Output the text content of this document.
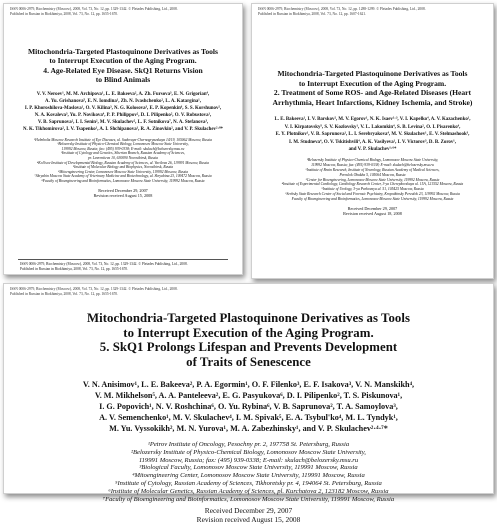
ISSN 0006-2979, Biochemistry (Moscow), 2008, Vol. 73, No. 12, pp. 1329-1342. © Pleiades Publishing, Ltd., 2008.
Published in Russian in Biokhimiya, 2008, Vol. 73, No. 12, pp. 1655-1670.
Mitochondria-Targeted Plastoquinone Derivatives as Tools
to Interrupt Execution of the Aging Program.
4. Age-Related Eye Disease. SkQ1 Returns Vision
to Blind Animals
V. V. Neroev¹, M. M. Archipova¹, L. E. Bakeeva², A. Zh. Fursova³, E. N. Grigorian⁴,
A. Yu. Grishanova⁵, E. N. Iomdina¹, Zh. N. Ivashchenko², L. A. Katargina¹,
I. P. Khoroshilova-Maslova¹, O. V. Kilina³, N. G. Kolosova³, E. P. Kopenkin⁶, S. S. Korshunov²,
N. A. Kovaleva³, Yu. P. Novikova⁴, P. P. Philippov², D. I. Pilipenko², O. V. Robustova¹,
V. B. Saprunova², I. I. Senin², M. V. Skulachev², L. F. Sotnikova⁷, N. A. Stefanova³,
N. K. Tikhomirova², I. V. Tsapenko¹, A. I. Shchipanova¹, R. A. Zinovkin², and V. P. Skulachev²·⁸*
¹Helmholtz Moscow Research Institute of Eye Diseases, ul. Sadovaya-Chernogryazskaya 14/19, 105062 Moscow, Russia
²Belozersky Institute of Physico-Chemical Biology, Lomonosov Moscow State University,
119992 Moscow, Russia; fax: (495) 939-0338; E-mail: skulach@belozersky.msu.ru
³Institute of Cytology and Genetics, Siberian Branch, Russian Academy of Sciences,
pr. Lavrentieva 10, 630090 Novosibirsk, Russia
⁴Kol'tsov Institute of Developmental Biology, Russian Academy of Sciences, ul. Vavilova 26, 119991 Moscow, Russia
⁵Institute of Molecular Biology and Biophysics, Novosibirsk, Russia
⁶Mitoengineering Center, Lomonosov Moscow State University, 119992 Moscow, Russia
⁷Skryabin Moscow State Academy of Veterinary Medicine and Biotechnology, ul. Skryabina 23, 109472 Moscow, Russia
⁸Faculty of Bioengineering and Bioinformatics, Lomonosov Moscow State University, 119992 Moscow, Russia
Received December 29, 2007
Revision received August 15, 2008
ISSN 0006-2979, Biochemistry (Moscow), 2008, Vol. 73, No. 12, pp. 1329-1342. © Pleiades Publishing, Ltd., 2008.
Published in Russian in Biokhimiya, 2008, Vol. 73, No. 12, pp. 1655-1670.
ISSN 0006-2979, Biochemistry (Moscow), 2008, Vol. 73, No. 12, pp. 1288-1299. © Pleiades Publishing, Ltd., 2008.
Published in Russian in Biokhimiya, 2008, Vol. 73, No. 12, pp. 1607-1621.
Mitochondria-Targeted Plastoquinone Derivatives as Tools
to Interrupt Execution of the Aging Program.
2. Treatment of Some ROS- and Age-Related Diseases (Heart
Arrhythmia, Heart Infarctions, Kidney Ischemia, and Stroke)
L. E. Bakeeva¹, I. V. Barskov², M. V. Egorov¹, N. K. Isaev¹·³, V. I. Kapelko⁴, A. V. Kazachenko¹,
V. I. Kirpatovsky⁵, S. V. Kozlovsky¹, V. L. Lakomkin⁴, S. B. Levina², O. I. Pisarenko⁴,
E. Y. Plotnikov¹, V. B. Saprunova¹, L. I. Serebryakova⁴, M. V. Skulachev¹, E. V. Stelmashook³,
I. M. Studneva⁴, O. V. Tskitishvili⁴, A. K. Vasilyeva¹, I. V. Victorov³, D. B. Zorov¹,
and V. P. Skulachev¹·⁶*
¹Belozersky Institute of Physico-Chemical Biology, Lomonosov Moscow State University,
119992 Moscow, Russia; fax: (495) 939-0338; E-mail: skulach@belozersky.msu.ru
²Institute of Brain Research, Institute of Neurology, Russian Academy of Medical Sciences,
Pereulok Obukha 5, 105064 Moscow, Russia
³Center for Bioengineering, Lomonosov Moscow State University, 119992 Moscow, Russia
⁴Institute of Experimental Cardiology, Cardiology Research Center, 3-ya Cherepkovskaya ul. 15A, 121552 Moscow, Russia
⁵Institute of Urology, 3-ya Parkovaya ul. 51, 105425 Moscow, Russia
⁶Serbsky State Research Center of Social and Forensic Psychiatry, Kropotkinsky Pereulok 23, 119992 Moscow, Russia
Faculty of Bioengineering and Bioinformatics, Lomonosov Moscow State University, 119992 Moscow, Russia
Received December 29, 2007
Revision received August 18, 2008
ISSN 0006-2979, Biochemistry (Moscow), 2008, Vol. 73, No. 12, pp. 1329-1342. © Pleiades Publishing, Ltd., 2008.
Published in Russian in Biokhimiya, 2008, Vol. 73, No. 12, pp. 1655-1670.
Mitochondria-Targeted Plastoquinone Derivatives as Tools
to Interrupt Execution of the Aging Program.
5. SkQ1 Prolongs Lifespan and Prevents Development
of Traits of Senescence
V. N. Anisimov¹, L. E. Bakeeva², P. A. Egormin¹, O. F. Filenko³, E. F. Isakova³, V. N. Manskikh⁴,
V. M. Mikhelson⁵, A. A. Panteleeva², E. G. Pasyukova⁶, D. I. Pilipenko², T. S. Piskunova¹,
I. G. Popovich¹, N. V. Roshchina⁶, O. Yu. Rybina⁶, V. B. Saprunova², T. A. Samoylova³,
A. V. Semenchenko¹, M. V. Skulachev⁴, I. M. Spivak⁵, E. A. Tsybul'ko⁴, M. L. Tyndyk¹,
M. Yu. Vyssokikh², M. N. Yurova¹, M. A. Zabezhinsky¹, and V. P. Skulachev²·⁴·⁷*
¹Petrov Institute of Oncology, Pesochny pr. 2, 197758 St. Petersburg, Russia
²Belozersky Institute of Physico-Chemical Biology, Lomonosov Moscow State University,
119991 Moscow, Russia; fax: (495) 939-0338; E-mail: skulach@belozersky.msu.ru
³Biological Faculty, Lomonosov Moscow State University, 119991 Moscow, Russia
⁴Mitoengineering Center, Lomonosov Moscow State University, 119991 Moscow, Russia
⁵Institute of Cytology, Russian Academy of Sciences, Tikhoretsky pr. 4, 194064 St. Petersburg, Russia
⁶Institute of Molecular Genetics, Russian Academy of Sciences, pl. Kurchatova 2, 123182 Moscow, Russia
⁷Faculty of Bioengineering and Bioinformatics, Lomonosov Moscow State University, 119991 Moscow, Russia
Received December 29, 2007
Revision received August 15, 2008
